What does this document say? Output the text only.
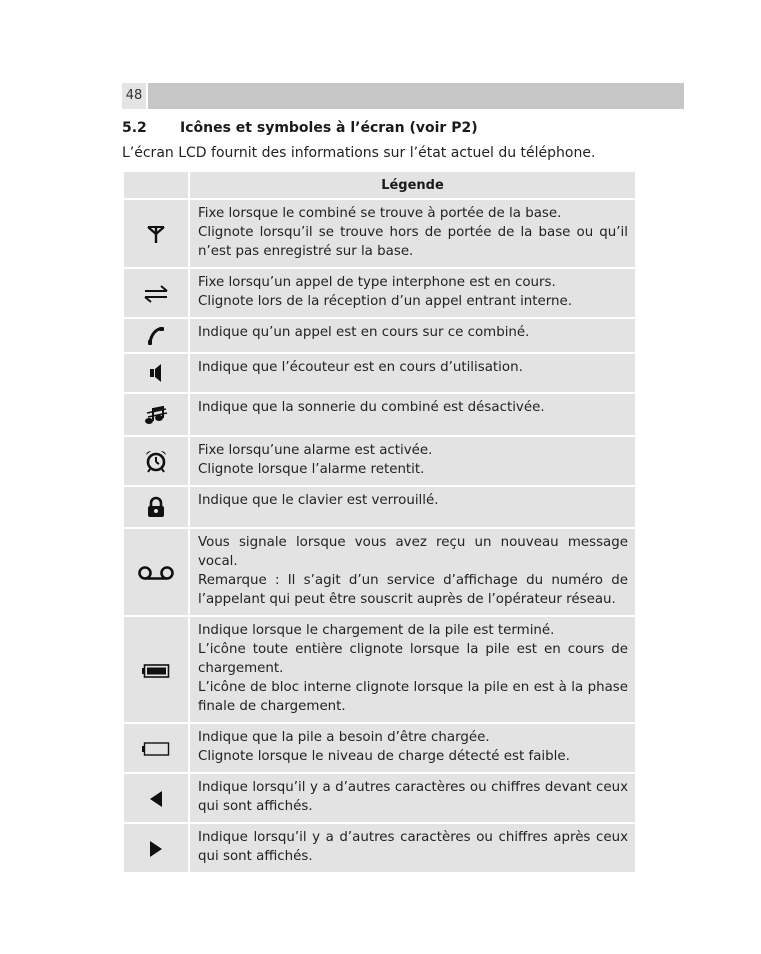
48
5.2	Icônes et symboles à l’écran (voir P2)
L’écran LCD fournit des informations sur l’état actuel du téléphone.
	Légende

Fixe lorsque le combiné se trouve à portée de la base.
Clignote lorsqu’il se trouve hors de portée de la base ou qu’il n’est pas enregistré sur la base.

Fixe lorsqu’un appel de type interphone est en cours.
Clignote lors de la réception d’un appel entrant interne.

Indique qu’un appel est en cours sur ce combiné.

Indique que l’écouteur est en cours d’utilisation.

Indique que la sonnerie du combiné est désactivée.

Fixe lorsqu’une alarme est activée.
Clignote lorsque l’alarme retentit.

Indique que le clavier est verrouillé.

Vous signale lorsque vous avez reçu un nouveau message vocal.
Remarque : Il s’agit d’un service d’affichage du numéro de l’appelant qui peut être souscrit auprès de l’opérateur réseau.

Indique lorsque le chargement de la pile est terminé.
L’icône toute entière clignote lorsque la pile est en cours de chargement.
L’icône de bloc interne clignote lorsque la pile en est à la phase finale de chargement.

Indique que la pile a besoin d’être chargée.
Clignote lorsque le niveau de charge détecté est faible.

Indique lorsqu’il y a d’autres caractères ou chiffres devant ceux qui sont affichés.

Indique lorsqu’il y a d’autres caractères ou chiffres après ceux qui sont affichés.
